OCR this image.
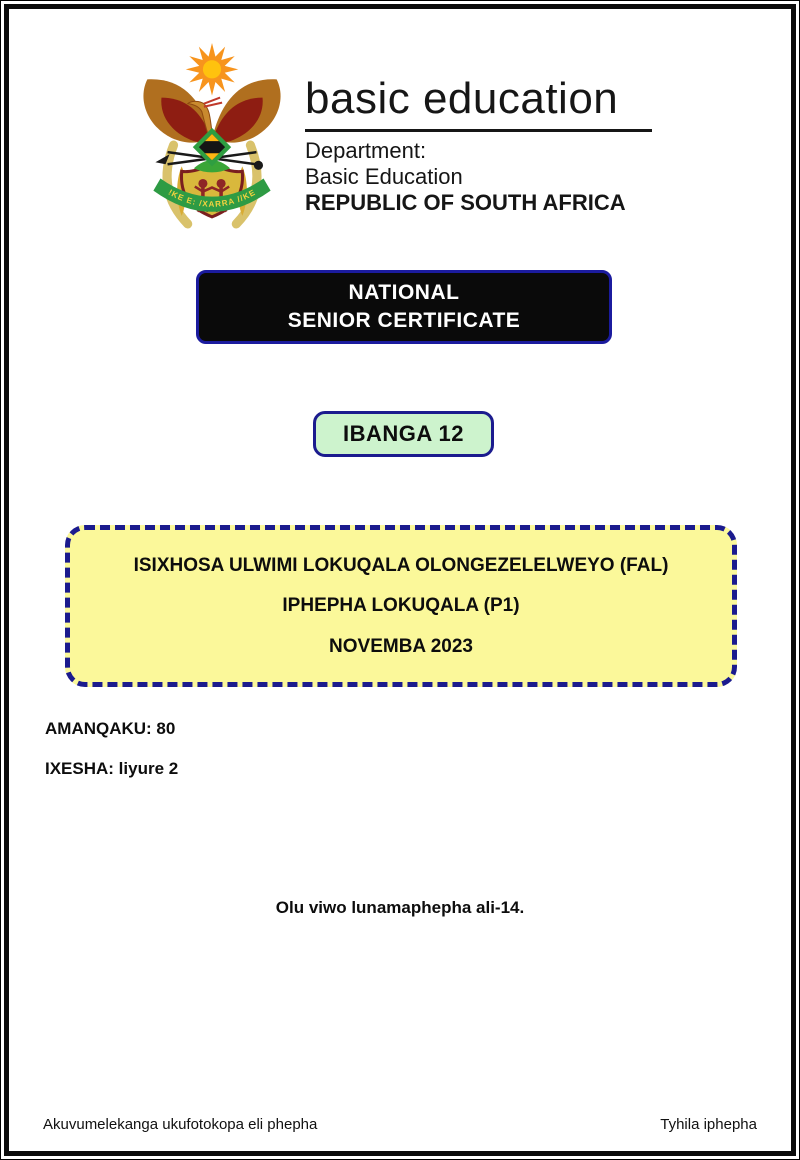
!KE E: /XARRA //KE
basic education
Department:
Basic Education
REPUBLIC OF SOUTH AFRICA
NATIONAL
SENIOR CERTIFICATE
IBANGA 12
ISIXHOSA ULWIMI LOKUQALA OLONGEZELELWEYO (FAL)
IPHEPHA LOKUQALA (P1)
NOVEMBA 2023
AMANQAKU: 80
IXESHA: liyure 2
Olu viwo lunamaphepha ali-14.
Akuvumelekanga ukufotokopa eli phepha	Tyhila iphepha
